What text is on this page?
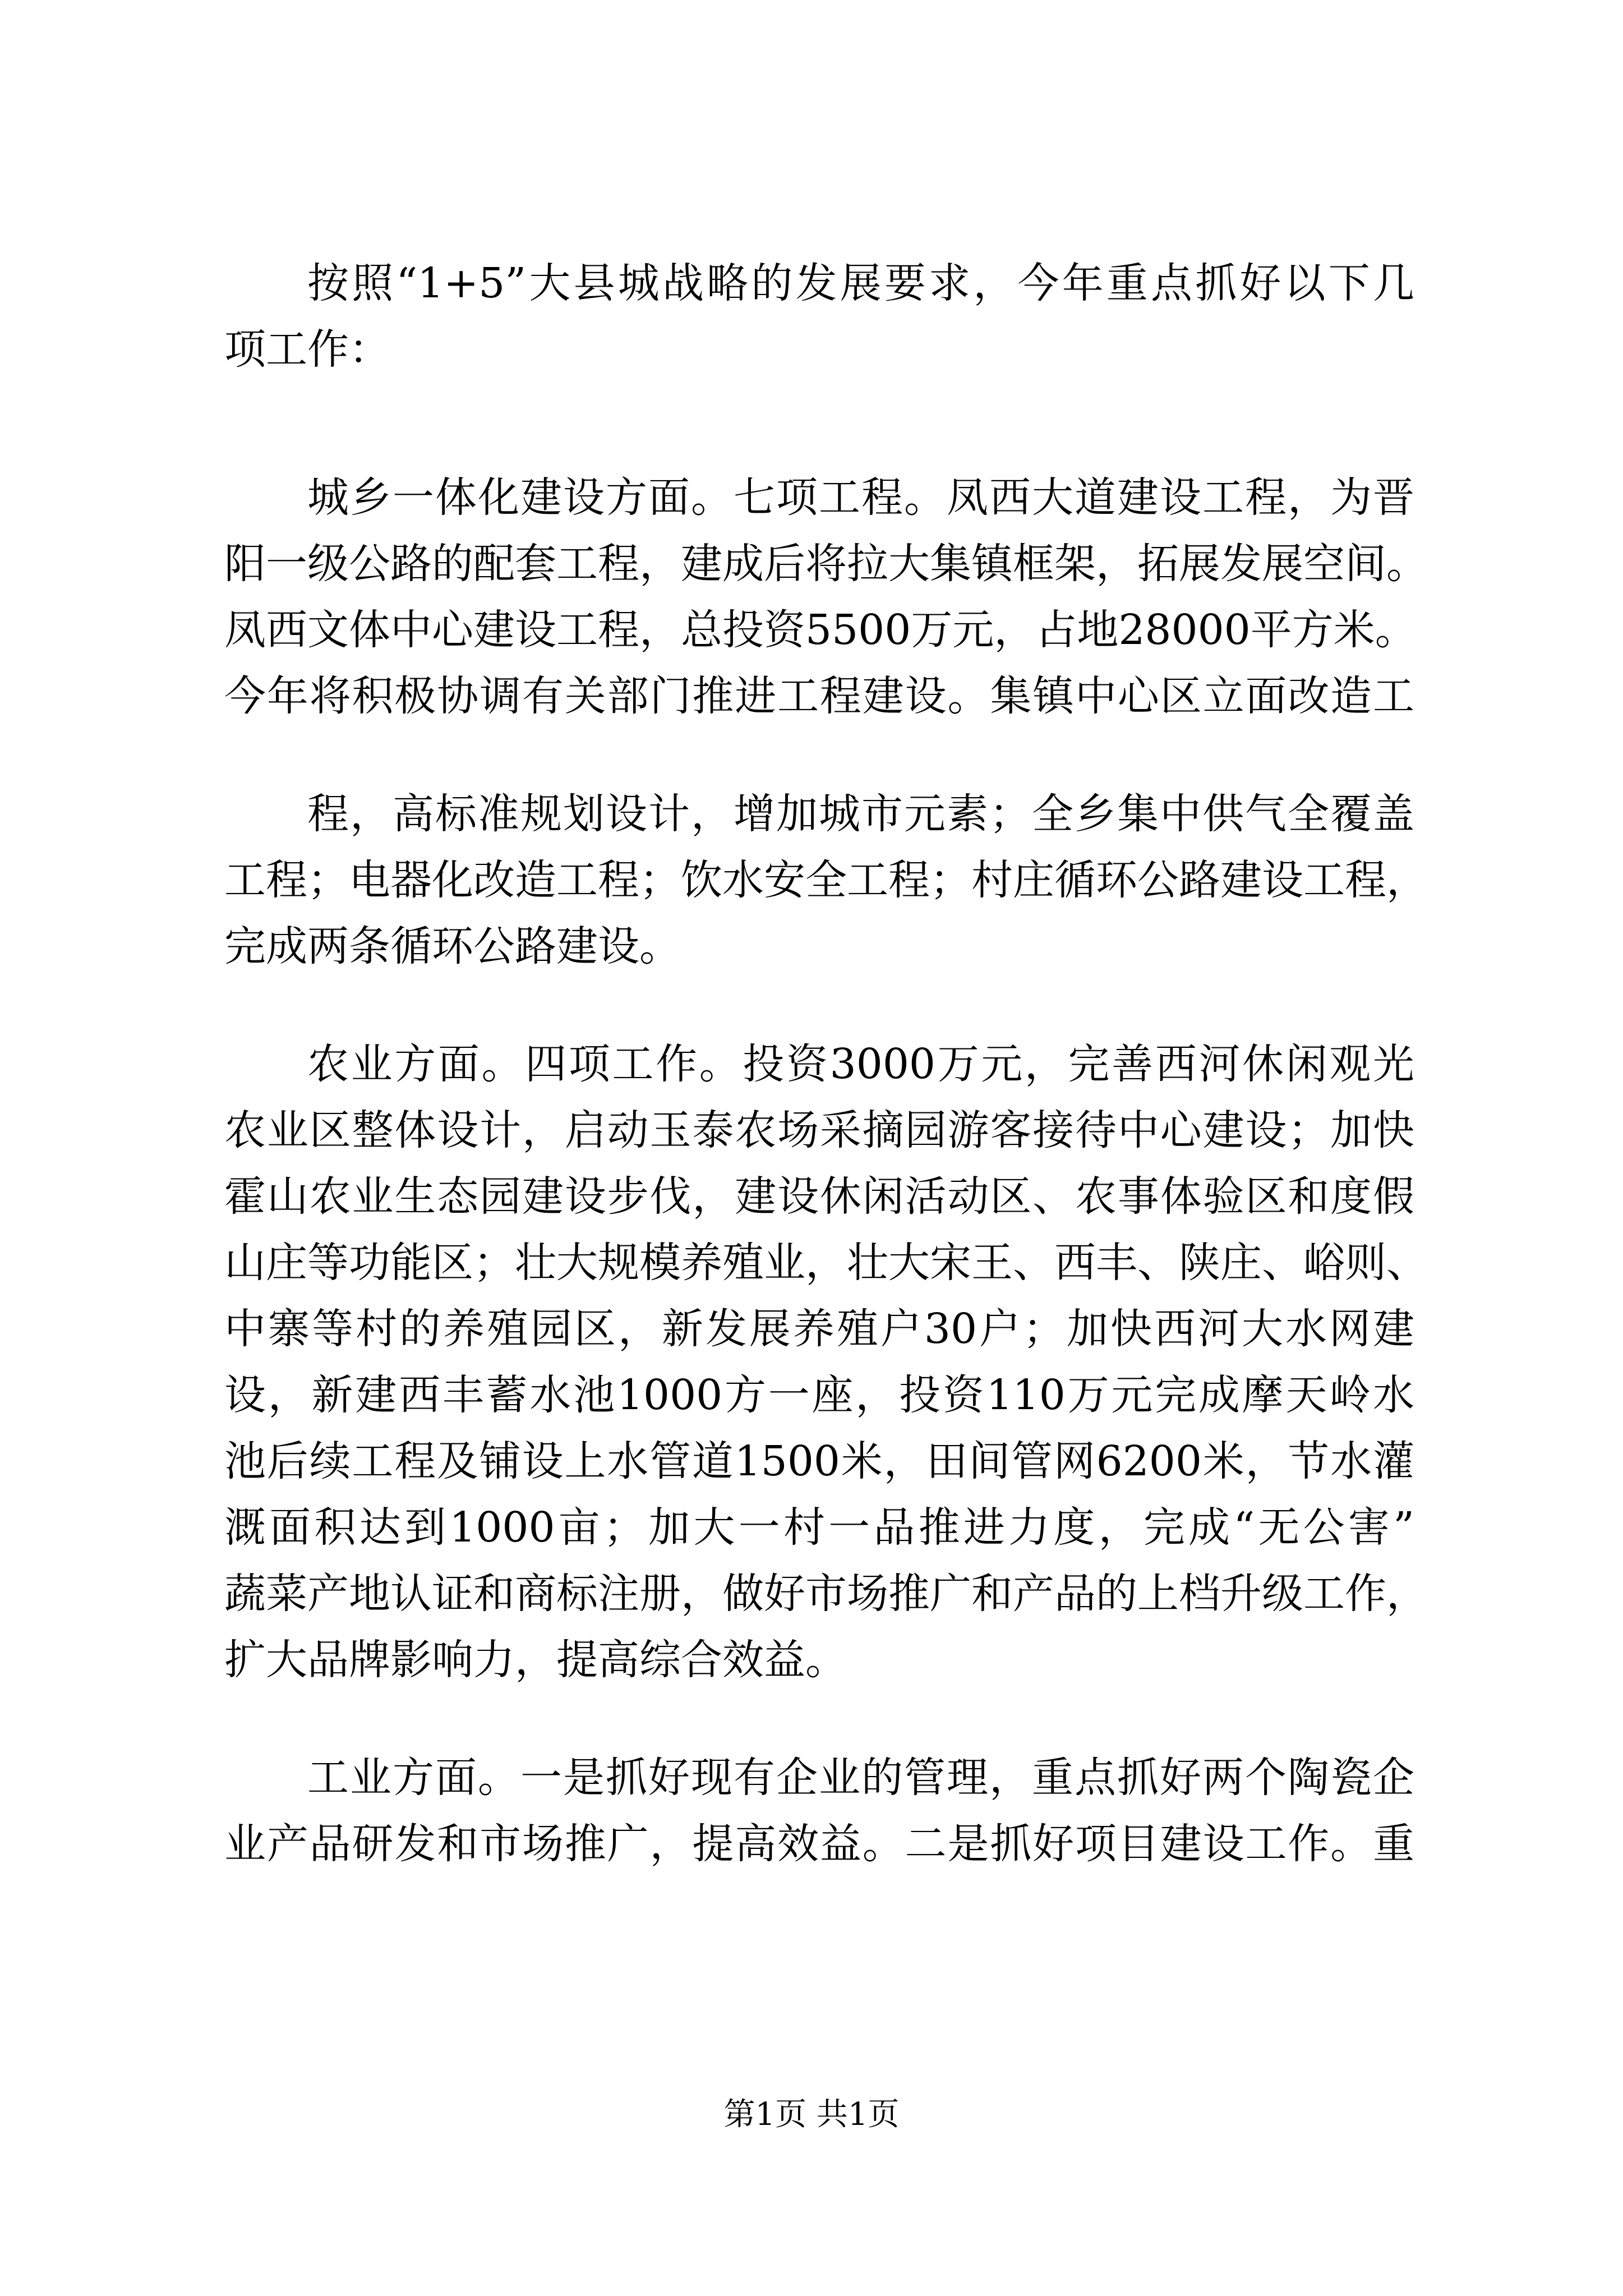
按照“1+5”大县城战略的发展要求，今年重点抓好以下几
项工作：
城乡一体化建设方面。七项工程。凤西大道建设工程，为晋
阳一级公路的配套工程，建成后将拉大集镇框架，拓展发展空间。
凤西文体中心建设工程，总投资5500万元，占地28000平方米。
今年将积极协调有关部门推进工程建设。集镇中心区立面改造工
程，高标准规划设计，增加城市元素；全乡集中供气全覆盖
工程；电器化改造工程；饮水安全工程；村庄循环公路建设工程，
完成两条循环公路建设。
农业方面。四项工作。投资3000万元，完善西河休闲观光
农业区整体设计，启动玉泰农场采摘园游客接待中心建设；加快
霍山农业生态园建设步伐，建设休闲活动区、农事体验区和度假
山庄等功能区；壮大规模养殖业，壮大宋王、西丰、陕庄、峪则、
中寨等村的养殖园区，新发展养殖户30户；加快西河大水网建
设，新建西丰蓄水池1000方一座，投资110万元完成摩天岭水
池后续工程及铺设上水管道1500米，田间管网6200米，节水灌
溉面积达到1000亩；加大一村一品推进力度，完成“无公害”
蔬菜产地认证和商标注册，做好市场推广和产品的上档升级工作，
扩大品牌影响力，提高综合效益。
工业方面。一是抓好现有企业的管理，重点抓好两个陶瓷企
业产品研发和市场推广，提高效益。二是抓好项目建设工作。重
第1页 共1页
